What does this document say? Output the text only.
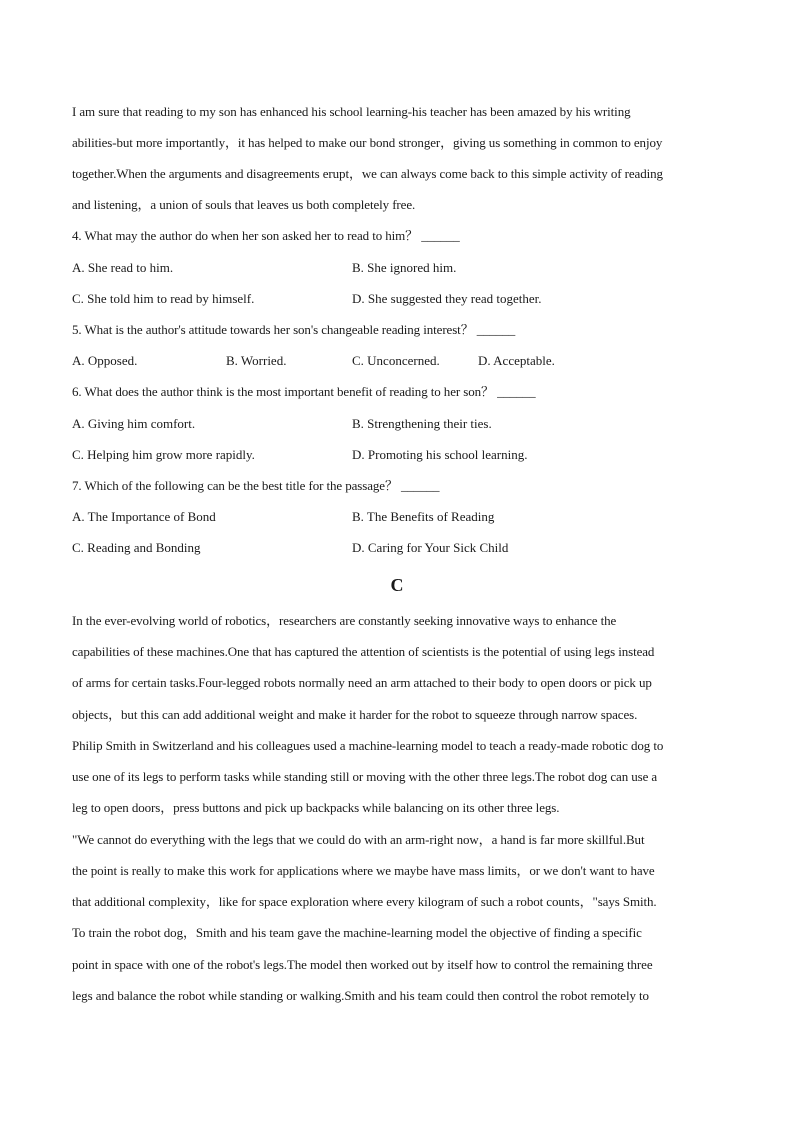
I am sure that reading to my son has enhanced his school learning-his teacher has been amazed by his writing
abilities-but more importantly，it has helped to make our bond stronger，giving us something in common to enjoy
together.When the arguments and disagreements erupt，we can always come back to this simple activity of reading
and listening，a union of souls that leaves us both completely free.
4. What may the author do when her son asked her to read to him？ ______
A. She read to him.	B. She ignored him.
C. She told him to read by himself.	D. She suggested they read together.
5. What is the author's attitude towards her son's changeable reading interest？ ______
A. Opposed.	B. Worried.	C. Unconcerned.	D. Acceptable.
6. What does the author think is the most important benefit of reading to her son？ ______
A. Giving him comfort.	B. Strengthening their ties.
C. Helping him grow more rapidly.	D. Promoting his school learning.
7. Which of the following can be the best title for the passage？ ______
A. The Importance of Bond	B. The Benefits of Reading
C. Reading and Bonding	D. Caring for Your Sick Child
C
In the ever-evolving world of robotics，researchers are constantly seeking innovative ways to enhance the
capabilities of these machines.One that has captured the attention of scientists is the potential of using legs instead
of arms for certain tasks.Four-legged robots normally need an arm attached to their body to open doors or pick up
objects，but this can add additional weight and make it harder for the robot to squeeze through narrow spaces.
Philip Smith in Switzerland and his colleagues used a machine-learning model to teach a ready-made robotic dog to
use one of its legs to perform tasks while standing still or moving with the other three legs.The robot dog can use a
leg to open doors，press buttons and pick up backpacks while balancing on its other three legs.
"We cannot do everything with the legs that we could do with an arm-right now，a hand is far more skillful.But
the point is really to make this work for applications where we maybe have mass limits，or we don't want to have
that additional complexity，like for space exploration where every kilogram of such a robot counts，"says Smith.
To train the robot dog，Smith and his team gave the machine-learning model the objective of finding a specific
point in space with one of the robot's legs.The model then worked out by itself how to control the remaining three
legs and balance the robot while standing or walking.Smith and his team could then control the robot remotely to
